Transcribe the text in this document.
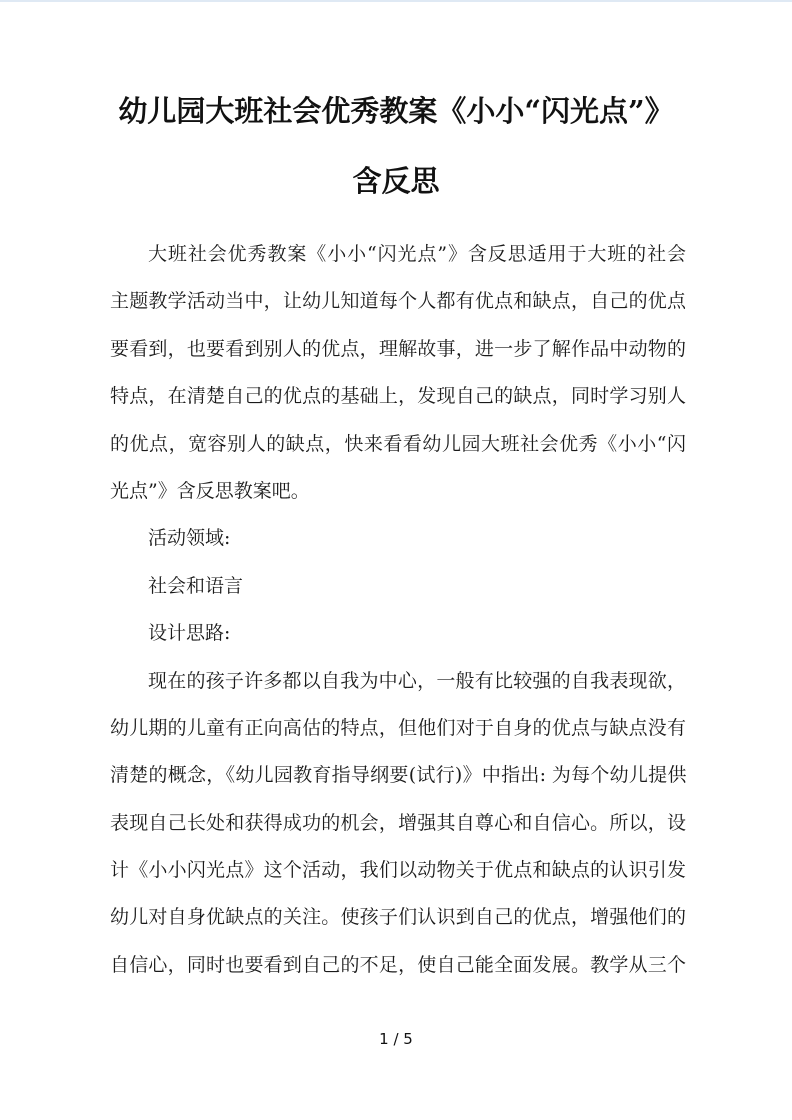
幼儿园大班社会优秀教案《小小“闪光点”》
含反思
大班社会优秀教案《小小“闪光点”》含反思适用于大班的社会
主题教学活动当中，让幼儿知道每个人都有优点和缺点，自己的优点
要看到，也要看到别人的优点，理解故事，进一步了解作品中动物的
特点，在清楚自己的优点的基础上，发现自己的缺点，同时学习别人
的优点，宽容别人的缺点，快来看看幼儿园大班社会优秀《小小“闪
光点”》含反思教案吧。
活动领域:
社会和语言
设计思路:
现在的孩子许多都以自我为中心，一般有比较强的自我表现欲，
幼儿期的儿童有正向高估的特点，但他们对于自身的优点与缺点没有
清楚的概念，《幼儿园教育指导纲要(试行)》中指出: 为每个幼儿提供
表现自己长处和获得成功的机会，增强其自尊心和自信心。所以，设
计《小小闪光点》这个活动，我们以动物关于优点和缺点的认识引发
幼儿对自身优缺点的关注。使孩子们认识到自己的优点，增强他们的
自信心，同时也要看到自己的不足，使自己能全面发展。教学从三个
1 / 5
